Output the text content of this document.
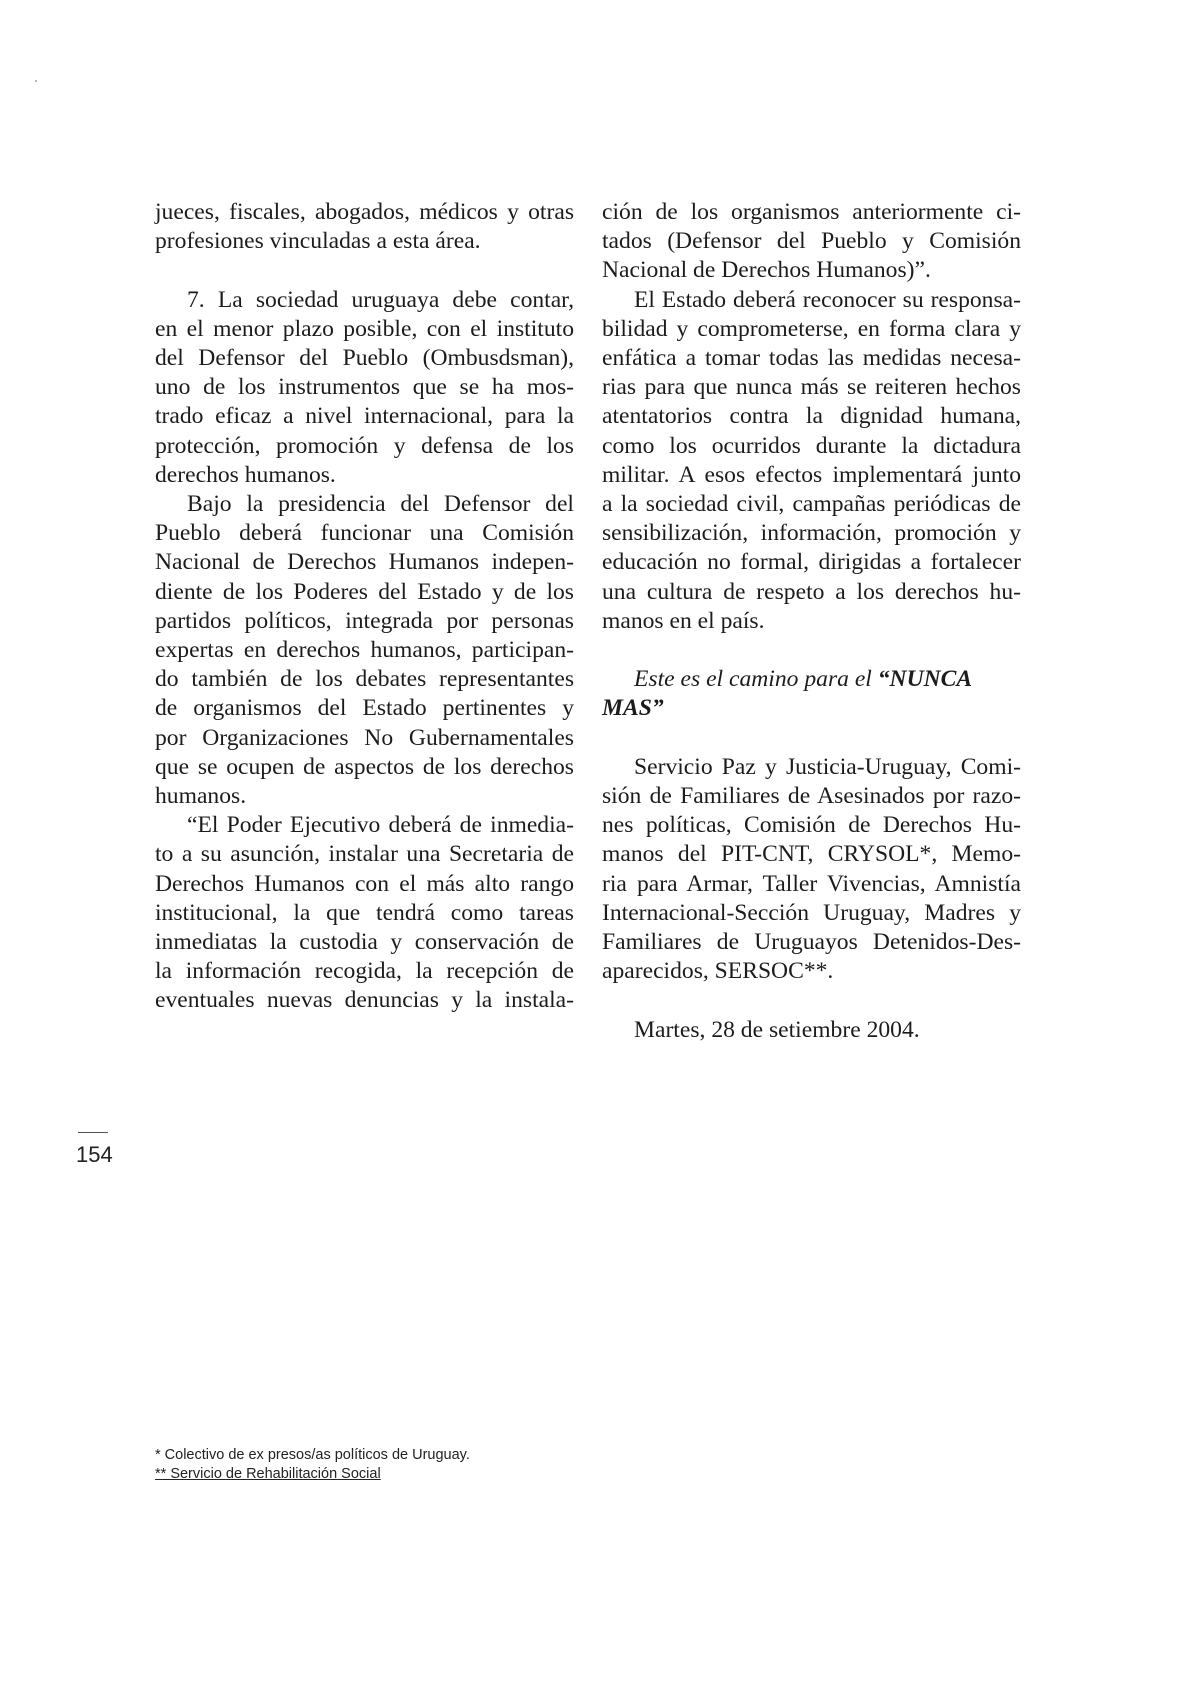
jueces, fiscales, abogados, médicos y otras

profesiones vinculadas a esta área.

7. La sociedad uruguaya debe contar,

en el menor plazo posible, con el instituto

del Defensor del Pueblo (Ombusdsman),

uno de los instrumentos que se ha mos-

trado eficaz a nivel internacional, para la

protección, promoción y defensa de los

derechos humanos.

Bajo la presidencia del Defensor del

Pueblo deberá funcionar una Comisión

Nacional de Derechos Humanos indepen-

diente de los Poderes del Estado y de los

partidos políticos, integrada por personas

expertas en derechos humanos, participan-

do también de los debates representantes

de organismos del Estado pertinentes y

por Organizaciones No Gubernamentales

que se ocupen de aspectos de los derechos

humanos.

“El Poder Ejecutivo deberá de inmedia-

to a su asunción, instalar una Secretaria de

Derechos Humanos con el más alto rango

institucional, la que tendrá como tareas

inmediatas la custodia y conservación de

la información recogida, la recepción de

eventuales nuevas denuncias y la instala-

ción de los organismos anteriormente ci-

tados (Defensor del Pueblo y Comisión

Nacional de Derechos Humanos)”.

El Estado deberá reconocer su responsa-

bilidad y comprometerse, en forma clara y

enfática a tomar todas las medidas necesa-

rias para que nunca más se reiteren hechos

atentatorios contra la dignidad humana,

como los ocurridos durante la dictadura

militar. A esos efectos implementará junto

a la sociedad civil, campañas periódicas de

sensibilización, información, promoción y

educación no formal, dirigidas a fortalecer

una cultura de respeto a los derechos hu-

manos en el país.

Este es el camino para el “NUNCA MAS”

Servicio Paz y Justicia-Uruguay, Comi-

sión de Familiares de Asesinados por razo-

nes políticas, Comisión de Derechos Hu-

manos del PIT-CNT, CRYSOL*, Memo-

ria para Armar, Taller Vivencias, Amnistía

Internacional-Sección Uruguay, Madres y

Familiares de Uruguayos Detenidos-Des-

aparecidos, SERSOC**.

Martes, 28 de setiembre 2004.

154
* Colectivo de ex presos/as políticos de Uruguay.
** Servicio de Rehabilitación Social
